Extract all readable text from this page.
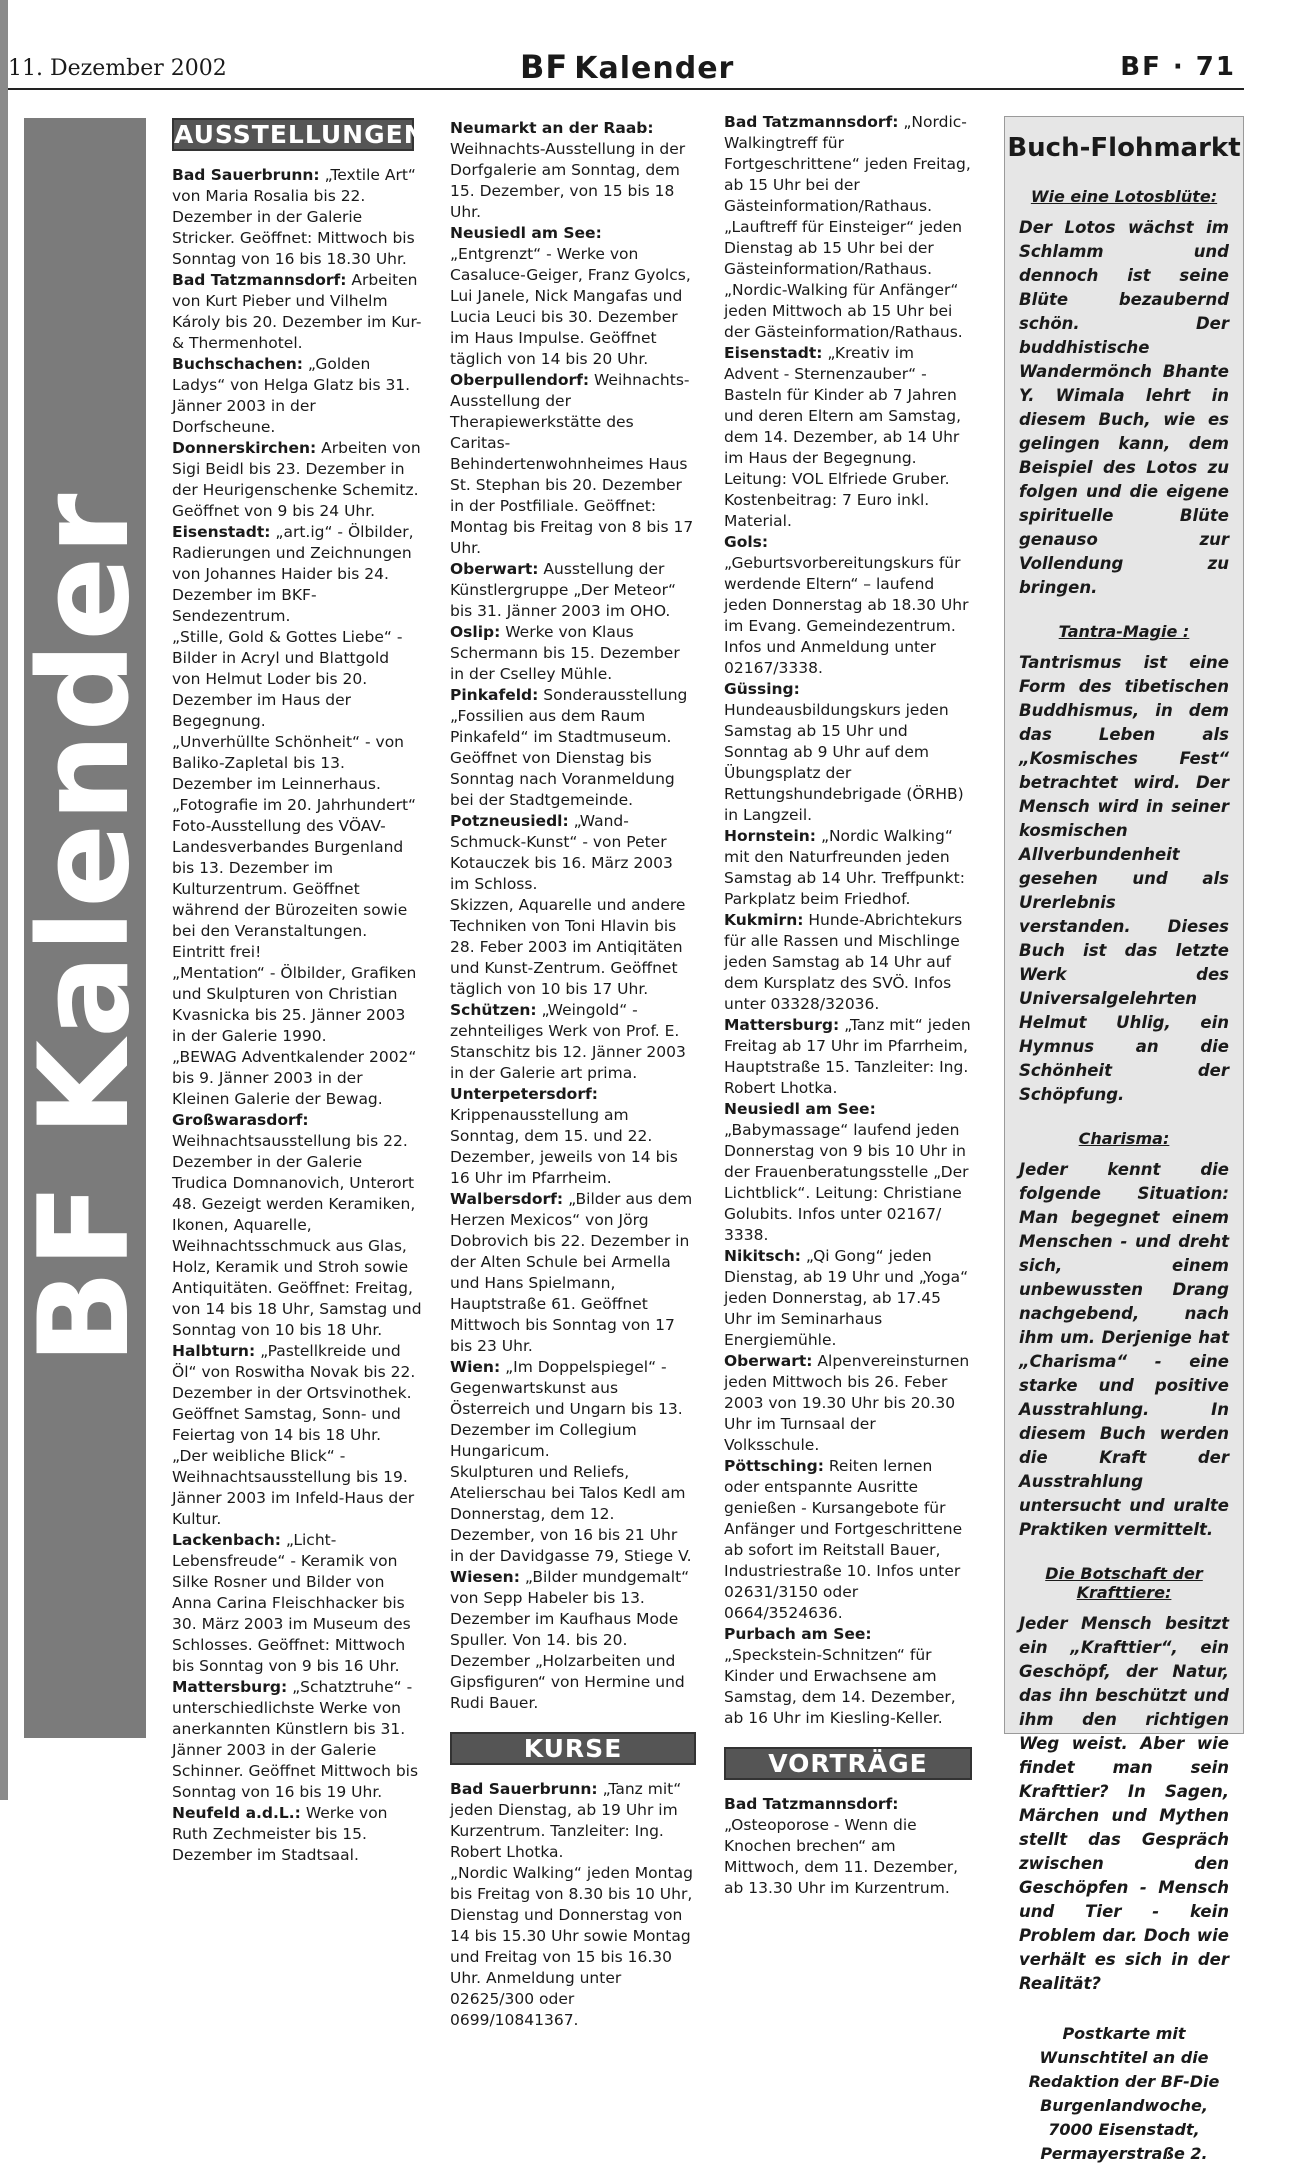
11. Dezember 2002	BF Kalender	BF · 71
BF Kalender
AUSSTELLUNGEN

Bad Sauerbrunn: „Textile Art“ von Maria Rosalia bis 22. Dezember in der Galerie Stricker. Geöffnet: Mittwoch bis Sonntag von 16 bis 18.30 Uhr.

Bad Tatzmannsdorf: Arbeiten von Kurt Pieber und Vilhelm Károly bis 20. Dezember im Kur- & Thermenhotel.

Buchschachen: „Golden Ladys“ von Helga Glatz bis 31. Jänner 2003 in der Dorfscheune.

Donnerskirchen: Arbeiten von Sigi Beidl bis 23. Dezember in der Heurigenschenke Schemitz. Geöffnet von 9 bis 24 Uhr.

Eisenstadt: „art.ig“ - Ölbilder, Radierungen und Zeichnungen von Johannes Haider bis 24. Dezember im BKF-Sendezentrum.

„Stille, Gold & Gottes Liebe“ - Bilder in Acryl und Blattgold von Helmut Loder bis 20. Dezember im Haus der Begegnung.

„Unverhüllte Schönheit“ - von Baliko-Zapletal bis 13. Dezember im Leinnerhaus.

„Fotografie im 20. Jahrhundert“ Foto-Ausstellung des VÖAV-Landesverbandes Burgenland bis 13. Dezember im Kulturzentrum. Geöffnet während der Bürozeiten sowie bei den Veranstaltungen. Eintritt frei!

„Mentation“ - Ölbilder, Grafiken und Skulpturen von Christian Kvasnicka bis 25. Jänner 2003 in der Galerie 1990.

„BEWAG Adventkalender 2002“ bis 9. Jänner 2003 in der Kleinen Galerie der Bewag.

Großwarasdorf: Weihnachtsausstellung bis 22. Dezember in der Galerie Trudica Domnanovich, Unterort 48. Gezeigt werden Keramiken, Ikonen, Aquarelle, Weihnachtsschmuck aus Glas, Holz, Keramik und Stroh sowie Antiquitäten. Geöffnet: Freitag, von 14 bis 18 Uhr, Samstag und Sonntag von 10 bis 18 Uhr.

Halbturn: „Pastellkreide und Öl“ von Roswitha Novak bis 22. Dezember in der Ortsvinothek. Geöffnet Samstag, Sonn- und Feiertag von 14 bis 18 Uhr.

„Der weibliche Blick“ - Weihnachtsausstellung bis 19. Jänner 2003 im Infeld-Haus der Kultur.

Lackenbach: „Licht-Lebensfreude“ - Keramik von Silke Rosner und Bilder von Anna Carina Fleischhacker bis 30. März 2003 im Museum des Schlosses. Geöffnet: Mittwoch bis Sonntag von 9 bis 16 Uhr.

Mattersburg: „Schatztruhe“ - unterschiedlichste Werke von anerkannten Künstlern bis 31. Jänner 2003 in der Galerie Schinner. Geöffnet Mittwoch bis Sonntag von 16 bis 19 Uhr.

Neufeld a.d.L.: Werke von Ruth Zechmeister bis 15. Dezember im Stadtsaal.

Neumarkt an der Raab: Weihnachts-Ausstellung in der Dorfgalerie am Sonntag, dem 15. Dezember, von 15 bis 18 Uhr.

Neusiedl am See: „Entgrenzt“ - Werke von Casaluce-Geiger, Franz Gyolcs, Lui Janele, Nick Mangafas und Lucia Leuci bis 30. Dezember im Haus Impulse. Geöffnet täglich von 14 bis 20 Uhr.

Oberpullendorf: Weihnachts-Ausstellung der Therapiewerkstätte des Caritas-Behindertenwohnheimes Haus St. Stephan bis 20. Dezember in der Postfiliale. Geöffnet: Montag bis Freitag von 8 bis 17 Uhr.

Oberwart: Ausstellung der Künstlergruppe „Der Meteor“ bis 31. Jänner 2003 im OHO.

Oslip: Werke von Klaus Schermann bis 15. Dezember in der Cselley Mühle.

Pinkafeld: Sonderausstellung „Fossilien aus dem Raum Pinkafeld“ im Stadtmuseum. Geöffnet von Dienstag bis Sonntag nach Voranmeldung bei der Stadtgemeinde.

Potzneusiedl: „Wand-Schmuck-Kunst“ - von Peter Kotauczek bis 16. März 2003 im Schloss.

Skizzen, Aquarelle und andere Techniken von Toni Hlavin bis 28. Feber 2003 im Antiqitäten und Kunst-Zentrum. Geöffnet täglich von 10 bis 17 Uhr.

Schützen: „Weingold“ - zehnteiliges Werk von Prof. E. Stanschitz bis 12. Jänner 2003 in der Galerie art prima.

Unterpetersdorf: Krippenausstellung am Sonntag, dem 15. und 22. Dezember, jeweils von 14 bis 16 Uhr im Pfarrheim.

Walbersdorf: „Bilder aus dem Herzen Mexicos“ von Jörg Dobrovich bis 22. Dezember in der Alten Schule bei Armella und Hans Spielmann, Hauptstraße 61. Geöffnet Mittwoch bis Sonntag von 17 bis 23 Uhr.

Wien: „Im Doppelspiegel“ - Gegenwartskunst aus Österreich und Ungarn bis 13. Dezember im Collegium Hungaricum.

Skulpturen und Reliefs, Atelierschau bei Talos Kedl am Donnerstag, dem 12. Dezember, von 16 bis 21 Uhr in der Davidgasse 79, Stiege V.

Wiesen: „Bilder mundgemalt“ von Sepp Habeler bis 13. Dezember im Kaufhaus Mode Spuller. Von 14. bis 20. Dezember „Holzarbeiten und Gipsfiguren“ von Hermine und Rudi Bauer.

KURSE

Bad Sauerbrunn: „Tanz mit“ jeden Dienstag, ab 19 Uhr im Kurzentrum. Tanzleiter: Ing. Robert Lhotka.

„Nordic Walking“ jeden Montag bis Freitag von 8.30 bis 10 Uhr, Dienstag und Donnerstag von 14 bis 15.30 Uhr sowie Montag und Freitag von 15 bis 16.30 Uhr. Anmeldung unter 02625/300 oder 0699/10841367.

Bad Tatzmannsdorf: „Nordic-Walkingtreff für Fortgeschrittene“ jeden Freitag, ab 15 Uhr bei der Gästeinformation/Rathaus.

„Lauftreff für Einsteiger“ jeden Dienstag ab 15 Uhr bei der Gästeinformation/Rathaus.

„Nordic-Walking für Anfänger“ jeden Mittwoch ab 15 Uhr bei der Gästeinformation/Rathaus.

Eisenstadt: „Kreativ im Advent - Sternenzauber“ - Basteln für Kinder ab 7 Jahren und deren Eltern am Samstag, dem 14. Dezember, ab 14 Uhr im Haus der Begegnung. Leitung: VOL Elfriede Gruber. Kostenbeitrag: 7 Euro inkl. Material.

Gols: „Geburtsvorbereitungskurs für werdende Eltern“ – laufend jeden Donnerstag ab 18.30 Uhr im Evang. Gemeindezentrum. Infos und Anmeldung unter 02167/3338.

Güssing: Hundeausbildungskurs jeden Samstag ab 15 Uhr und Sonntag ab 9 Uhr auf dem Übungsplatz der Rettungshundebrigade (ÖRHB) in Langzeil.

Hornstein: „Nordic Walking“ mit den Naturfreunden jeden Samstag ab 14 Uhr. Treffpunkt: Parkplatz beim Friedhof.

Kukmirn: Hunde-Abrichtekurs für alle Rassen und Mischlinge jeden Samstag ab 14 Uhr auf dem Kursplatz des SVÖ. Infos unter 03328/32036.

Mattersburg: „Tanz mit“ jeden Freitag ab 17 Uhr im Pfarrheim, Hauptstraße 15. Tanzleiter: Ing. Robert Lhotka.

Neusiedl am See: „Babymassage“ laufend jeden Donnerstag von 9 bis 10 Uhr in der Frauenberatungsstelle „Der Lichtblick“. Leitung: Christiane Golubits. Infos unter 02167/ 3338.

Nikitsch: „Qi Gong“ jeden Dienstag, ab 19 Uhr und „Yoga“ jeden Donnerstag, ab 17.45 Uhr im Seminarhaus Energiemühle.

Oberwart: Alpenvereinsturnen jeden Mittwoch bis 26. Feber 2003 von 19.30 Uhr bis 20.30 Uhr im Turnsaal der Volksschule.

Pöttsching: Reiten lernen oder entspannte Ausritte genießen - Kursangebote für Anfänger und Fortgeschrittene ab sofort im Reitstall Bauer, Industriestraße 10. Infos unter 02631/3150 oder 0664/3524636.

Purbach am See: „Speckstein-Schnitzen“ für Kinder und Erwachsene am Samstag, dem 14. Dezember, ab 16 Uhr im Kiesling-Keller.

VORTRÄGE

Bad Tatzmannsdorf: „Osteoporose - Wenn die Knochen brechen“ am Mittwoch, dem 11. Dezember, ab 13.30 Uhr im Kurzentrum.

Buch-Flohmarkt
Wie eine Lotosblüte:
Der Lotos wächst im Schlamm und dennoch ist seine Blüte bezaubernd schön. Der buddhistische Wandermönch Bhante Y. Wimala lehrt in diesem Buch, wie es gelingen kann, dem Beispiel des Lotos zu folgen und die eigene spirituelle Blüte genauso zur Vollendung zu bringen.
Tantra-Magie :
Tantrismus ist eine Form des tibetischen Buddhismus, in dem das Leben als „Kosmisches Fest“ betrachtet wird. Der Mensch wird in seiner kosmischen Allverbundenheit gesehen und als Urerlebnis verstanden. Dieses Buch ist das letzte Werk des Universalgelehrten Helmut Uhlig, ein Hymnus an die Schönheit der Schöpfung.
Charisma:
Jeder kennt die folgende Situation: Man begegnet einem Menschen - und dreht sich, einem unbewussten Drang nachgebend, nach ihm um. Derjenige hat „Charisma“ - eine starke und positive Ausstrahlung. In diesem Buch werden die Kraft der Ausstrahlung untersucht und uralte Praktiken vermittelt.
Die Botschaft der Krafttiere:
Jeder Mensch besitzt ein „Krafttier“, ein Geschöpf, der Natur, das ihn beschützt und ihm den richtigen Weg weist. Aber wie findet man sein Krafttier? In Sagen, Märchen und Mythen stellt das Gespräch zwischen den Geschöpfen - Mensch und Tier - kein Problem dar. Doch wie verhält es sich in der Realität?
Postkarte mit Wunschtitel an die Redaktion der BF-Die Burgenlandwoche, 7000 Eisenstadt, Permayerstraße 2.
